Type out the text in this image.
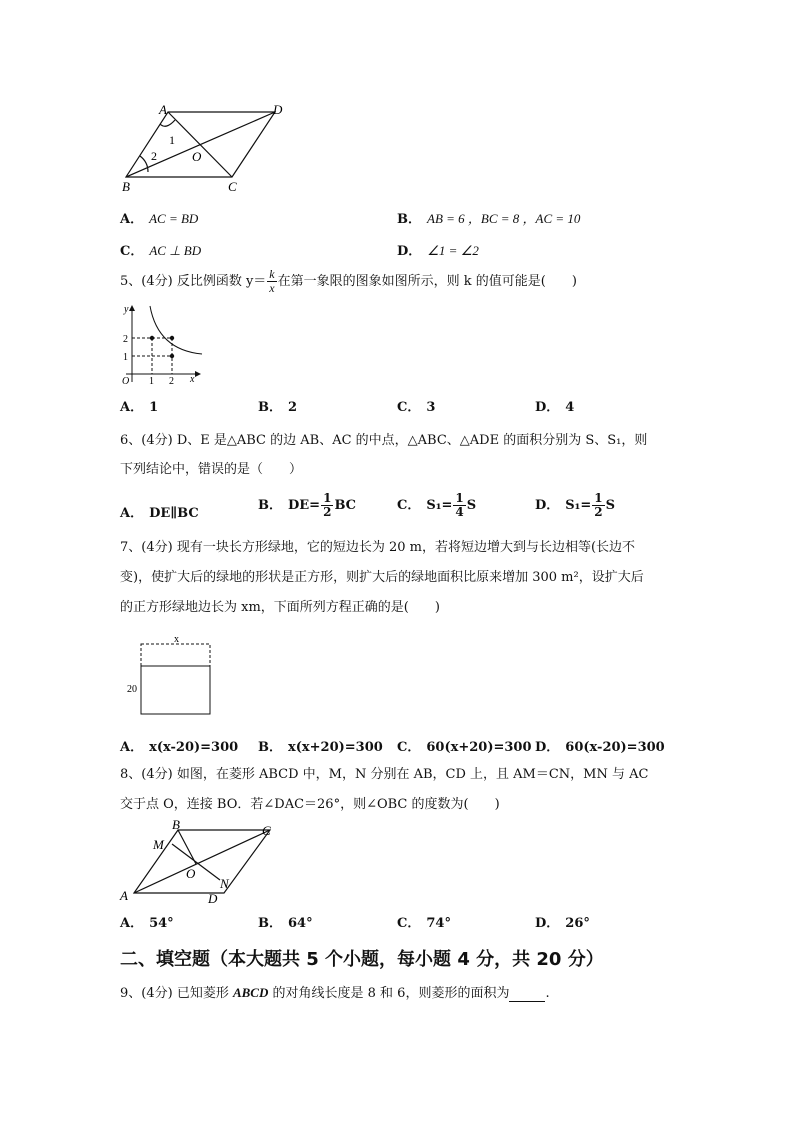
A	D
B	C
O
1
2
A． AC = BD	B． AB = 6 ，BC = 8 ，AC = 10
C． AC ⊥ BD	D． ∠1 = ∠2
5、(4分) 反比例函数 $y= \frac{k}{x}$ 在第一象限的图象如图所示，则 k 的值可能是(　　)
y
x
O 1 2
1
2
A． 1	B． 2	C． 3	D． 4
6、(4分) D、E 是△ABC 的边 AB、AC 的中点，△ABC、△ADE 的面积分别为 S、S₁，则
下列结论中，错误的是（　　）
A． DE∥BC
B． $DE= \frac{1}{2}$ BC	C． $S_1= \frac{1}{4}$ S	D． $S_1= \frac{1}{2}$ S
7、(4分) 现有一块长方形绿地，它的短边长为 20 m，若将短边增大到与长边相等(长边不
变)，使扩大后的绿地的形状是正方形，则扩大后的绿地面积比原来增加 300 m²，设扩大后
的正方形绿地边长为 xm，下面所列方程正确的是(　　)
x
20
A． x(x-20)=300 B． x(x+20)=300 C． 60(x+20)=300 D． 60(x-20)=300
8、(4分) 如图，在菱形 ABCD 中，M，N 分别在 AB，CD 上，且 AM＝CN，MN 与 AC
交于点 O，连接 BO．若∠DAC＝26°，则∠OBC 的度数为(　　)
B	C
A	D
M
N
O
A． 54°	B． 64°	C． 74°	D． 26°
二、填空题（本大题共 5 个小题，每小题 4 分，共 20 分）
9、(4分) 已知菱形 ABCD 的对角线长度是 8 和 6，则菱形的面积为	.
